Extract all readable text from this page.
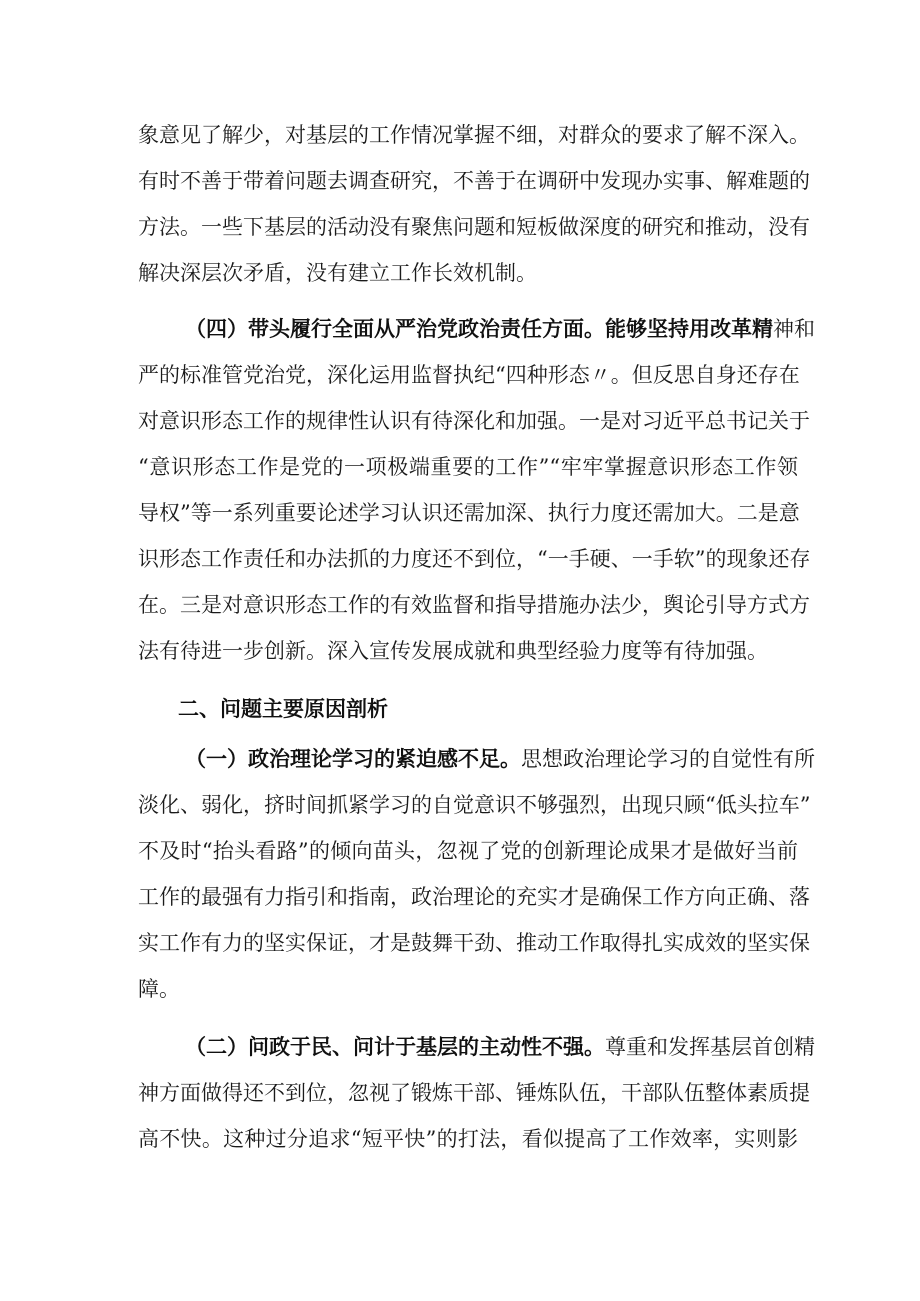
象意见了解少，对基层的工作情况掌握不细，对群众的要求了解不深入。
有时不善于带着问题去调查研究，不善于在调研中发现办实事、解难题的
方法。一些下基层的活动没有聚焦问题和短板做深度的研究和推动，没有
解决深层次矛盾，没有建立工作长效机制。
（四）带头履行全面从严治党政治责任方面。能够坚持用改革精神和
严的标准管党治党，深化运用监督执纪“四种形态〃。但反思自身还存在
对意识形态工作的规律性认识有待深化和加强。一是对习近平总书记关于
“意识形态工作是党的一项极端重要的工作”“牢牢掌握意识形态工作领
导权”等一系列重要论述学习认识还需加深、执行力度还需加大。二是意
识形态工作责任和办法抓的力度还不到位，“一手硬、一手软”的现象还存
在。三是对意识形态工作的有效监督和指导措施办法少，舆论引导方式方
法有待进一步创新。深入宣传发展成就和典型经验力度等有待加强。
二、问题主要原因剖析
（一）政治理论学习的紧迫感不足。思想政治理论学习的自觉性有所
淡化、弱化，挤时间抓紧学习的自觉意识不够强烈，出现只顾“低头拉车”
不及时“抬头看路”的倾向苗头，忽视了党的创新理论成果才是做好当前
工作的最强有力指引和指南，政治理论的充实才是确保工作方向正确、落
实工作有力的坚实保证，才是鼓舞干劲、推动工作取得扎实成效的坚实保
障。
（二）问政于民、问计于基层的主动性不强。尊重和发挥基层首创精
神方面做得还不到位，忽视了锻炼干部、锤炼队伍，干部队伍整体素质提
高不快。这种过分追求“短平快”的打法，看似提高了工作效率，实则影
